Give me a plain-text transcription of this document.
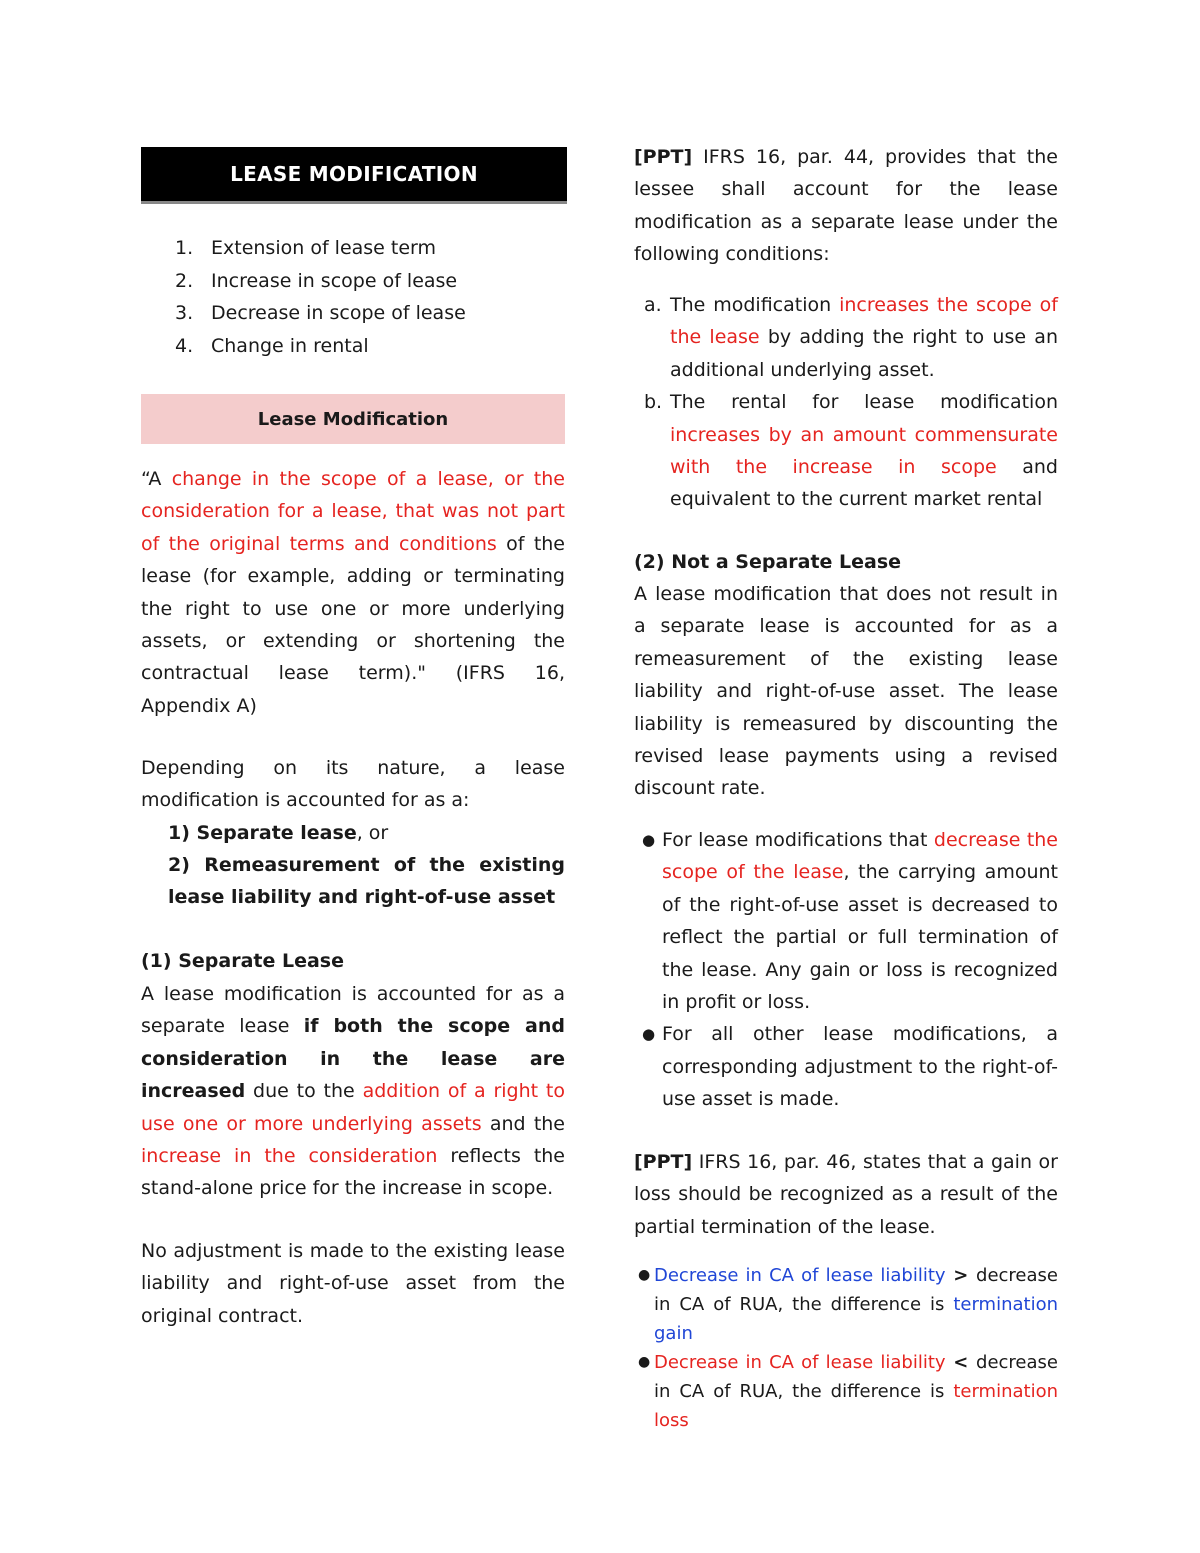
LEASE MODIFICATION
1. Extension of lease term
2. Increase in scope of lease
3. Decrease in scope of lease
4. Change in rental
Lease Modification

“A change in the scope of a lease, or the consideration for a lease, that was not part of the original terms and conditions of the lease (for example, adding or terminating the right to use one or more underlying assets, or extending or shortening the contractual lease term)." (IFRS 16, Appendix A)

Depending on its nature, a lease modification is accounted for as a:

1) Separate lease, or

2) Remeasurement of the existing lease liability and right-of-use asset

(1) Separate Lease

A lease modification is accounted for as a separate lease if both the scope and consideration in the lease are increased due to the addition of a right to use one or more underlying assets and the increase in the consideration reflects the stand-alone price for the increase in scope.

No adjustment is made to the existing lease liability and right-of-use asset from the original contract.

[PPT] IFRS 16, par. 44, provides that the lessee shall account for the lease modification as a separate lease under the following conditions:

a. The modification increases the scope of the lease by adding the right to use an additional underlying asset.

b. The rental for lease modification increases by an amount commensurate with the increase in scope and equivalent to the current market rental

(2) Not a Separate Lease

A lease modification that does not result in a separate lease is accounted for as a remeasurement of the existing lease liability and right-of-use asset. The lease liability is remeasured by discounting the revised lease payments using a revised discount rate.

● For lease modifications that decrease the scope of the lease, the carrying amount of the right-of-use asset is decreased to reflect the partial or full termination of the lease. Any gain or loss is recognized in profit or loss.

● For all other lease modifications, a corresponding adjustment to the right-of-use asset is made.

[PPT] IFRS 16, par. 46, states that a gain or loss should be recognized as a result of the partial termination of the lease.

● Decrease in CA of lease liability > decrease in CA of RUA, the difference is termination gain

● Decrease in CA of lease liability < decrease in CA of RUA, the difference is termination loss
